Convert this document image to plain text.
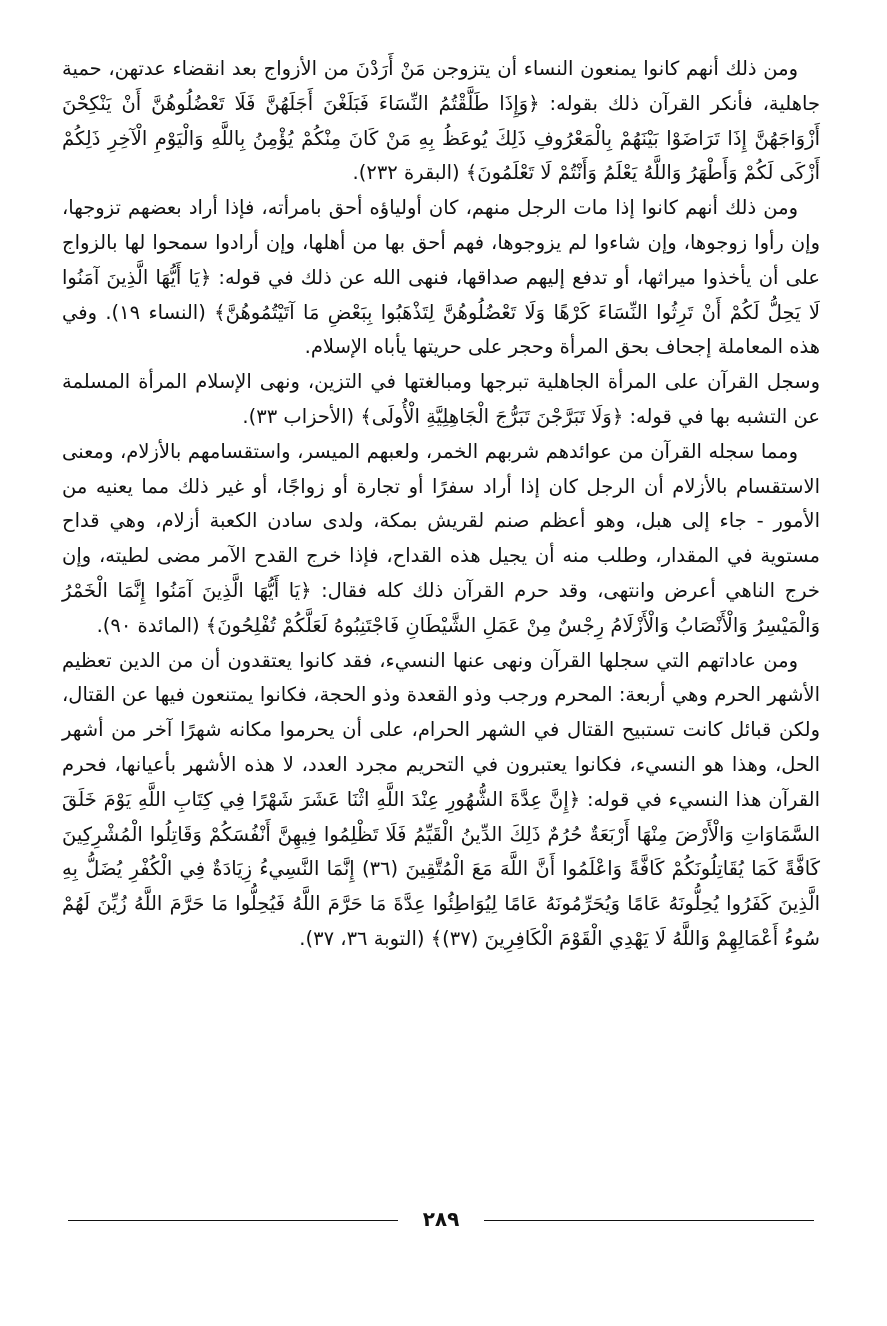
ومن ذلك أنهم كانوا يمنعون النساء أن يتزوجن مَنْ أَرَدْنَ من الأزواج بعد انقضاء عدتهن، حمية جاهلية، فأنكر القرآن ذلك بقوله: ﴿وَإِذَا طَلَّقْتُمُ النِّسَاءَ فَبَلَغْنَ أَجَلَهُنَّ فَلَا تَعْضُلُوهُنَّ أَنْ يَنْكِحْنَ أَزْوَاجَهُنَّ إِذَا تَرَاضَوْا بَيْنَهُمْ بِالْمَعْرُوفِ ذَلِكَ يُوعَظُ بِهِ مَنْ كَانَ مِنْكُمْ يُؤْمِنُ بِاللَّهِ وَالْيَوْمِ الْآخِرِ ذَلِكُمْ أَزْكَى لَكُمْ وَأَطْهَرُ وَاللَّهُ يَعْلَمُ وَأَنْتُمْ لَا تَعْلَمُونَ﴾ (البقرة ٢٣٢).

ومن ذلك أنهم كانوا إذا مات الرجل منهم، كان أولياؤه أحق بامرأته، فإذا أراد بعضهم تزوجها، وإن رأوا زوجوها، وإن شاءوا لم يزوجوها، فهم أحق بها من أهلها، وإن أرادوا سمحوا لها بالزواج على أن يأخذوا ميراثها، أو تدفع إليهم صداقها، فنهى الله عن ذلك في قوله: ﴿يَا أَيُّهَا الَّذِينَ آمَنُوا لَا يَحِلُّ لَكُمْ أَنْ تَرِثُوا النِّسَاءَ كَرْهًا وَلَا تَعْضُلُوهُنَّ لِتَذْهَبُوا بِبَعْضِ مَا آتَيْتُمُوهُنَّ﴾ (النساء ١٩). وفي هذه المعاملة إجحاف بحق المرأة وحجر على حريتها يأباه الإسلام.

وسجل القرآن على المرأة الجاهلية تبرجها ومبالغتها في التزين، ونهى الإسلام المرأة المسلمة عن التشبه بها في قوله: ﴿وَلَا تَبَرَّجْنَ تَبَرُّجَ الْجَاهِلِيَّةِ الْأُولَى﴾ (الأحزاب ٣٣).

ومما سجله القرآن من عوائدهم شربهم الخمر، ولعبهم الميسر، واستقسامهم بالأزلام، ومعنى الاستقسام بالأزلام أن الرجل كان إذا أراد سفرًا أو تجارة أو زواجًا، أو غير ذلك مما يعنيه من الأمور - جاء إلى هبل، وهو أعظم صنم لقريش بمكة، ولدى سادن الكعبة أزلام، وهي قداح مستوية في المقدار، وطلب منه أن يجيل هذه القداح، فإذا خرج القدح الآمر مضى لطيته، وإن خرج الناهي أعرض وانتهى، وقد حرم القرآن ذلك كله فقال: ﴿يَا أَيُّهَا الَّذِينَ آمَنُوا إِنَّمَا الْخَمْرُ وَالْمَيْسِرُ وَالْأَنْصَابُ وَالْأَزْلَامُ رِجْسٌ مِنْ عَمَلِ الشَّيْطَانِ فَاجْتَنِبُوهُ لَعَلَّكُمْ تُفْلِحُونَ﴾ (المائدة ٩٠).

ومن عاداتهم التي سجلها القرآن ونهى عنها النسيء، فقد كانوا يعتقدون أن من الدين تعظيم الأشهر الحرم وهي أربعة: المحرم ورجب وذو القعدة وذو الحجة، فكانوا يمتنعون فيها عن القتال، ولكن قبائل كانت تستبيح القتال في الشهر الحرام، على أن يحرموا مكانه شهرًا آخر من أشهر الحل، وهذا هو النسيء، فكانوا يعتبرون في التحريم مجرد العدد، لا هذه الأشهر بأعيانها، فحرم القرآن هذا النسيء في قوله: ﴿إِنَّ عِدَّةَ الشُّهُورِ عِنْدَ اللَّهِ اثْنَا عَشَرَ شَهْرًا فِي كِتَابِ اللَّهِ يَوْمَ خَلَقَ السَّمَاوَاتِ وَالْأَرْضَ مِنْهَا أَرْبَعَةٌ حُرُمٌ ذَلِكَ الدِّينُ الْقَيِّمُ فَلَا تَظْلِمُوا فِيهِنَّ أَنْفُسَكُمْ وَقَاتِلُوا الْمُشْرِكِينَ كَافَّةً كَمَا يُقَاتِلُونَكُمْ كَافَّةً وَاعْلَمُوا أَنَّ اللَّهَ مَعَ الْمُتَّقِينَ (٣٦) إِنَّمَا النَّسِيءُ زِيَادَةٌ فِي الْكُفْرِ يُضَلُّ بِهِ الَّذِينَ كَفَرُوا يُحِلُّونَهُ عَامًا وَيُحَرِّمُونَهُ عَامًا لِيُوَاطِئُوا عِدَّةَ مَا حَرَّمَ اللَّهُ فَيُحِلُّوا مَا حَرَّمَ اللَّهُ زُيِّنَ لَهُمْ سُوءُ أَعْمَالِهِمْ وَاللَّهُ لَا يَهْدِي الْقَوْمَ الْكَافِرِينَ (٣٧)﴾ (التوبة ٣٦، ٣٧).

٢٨٩
